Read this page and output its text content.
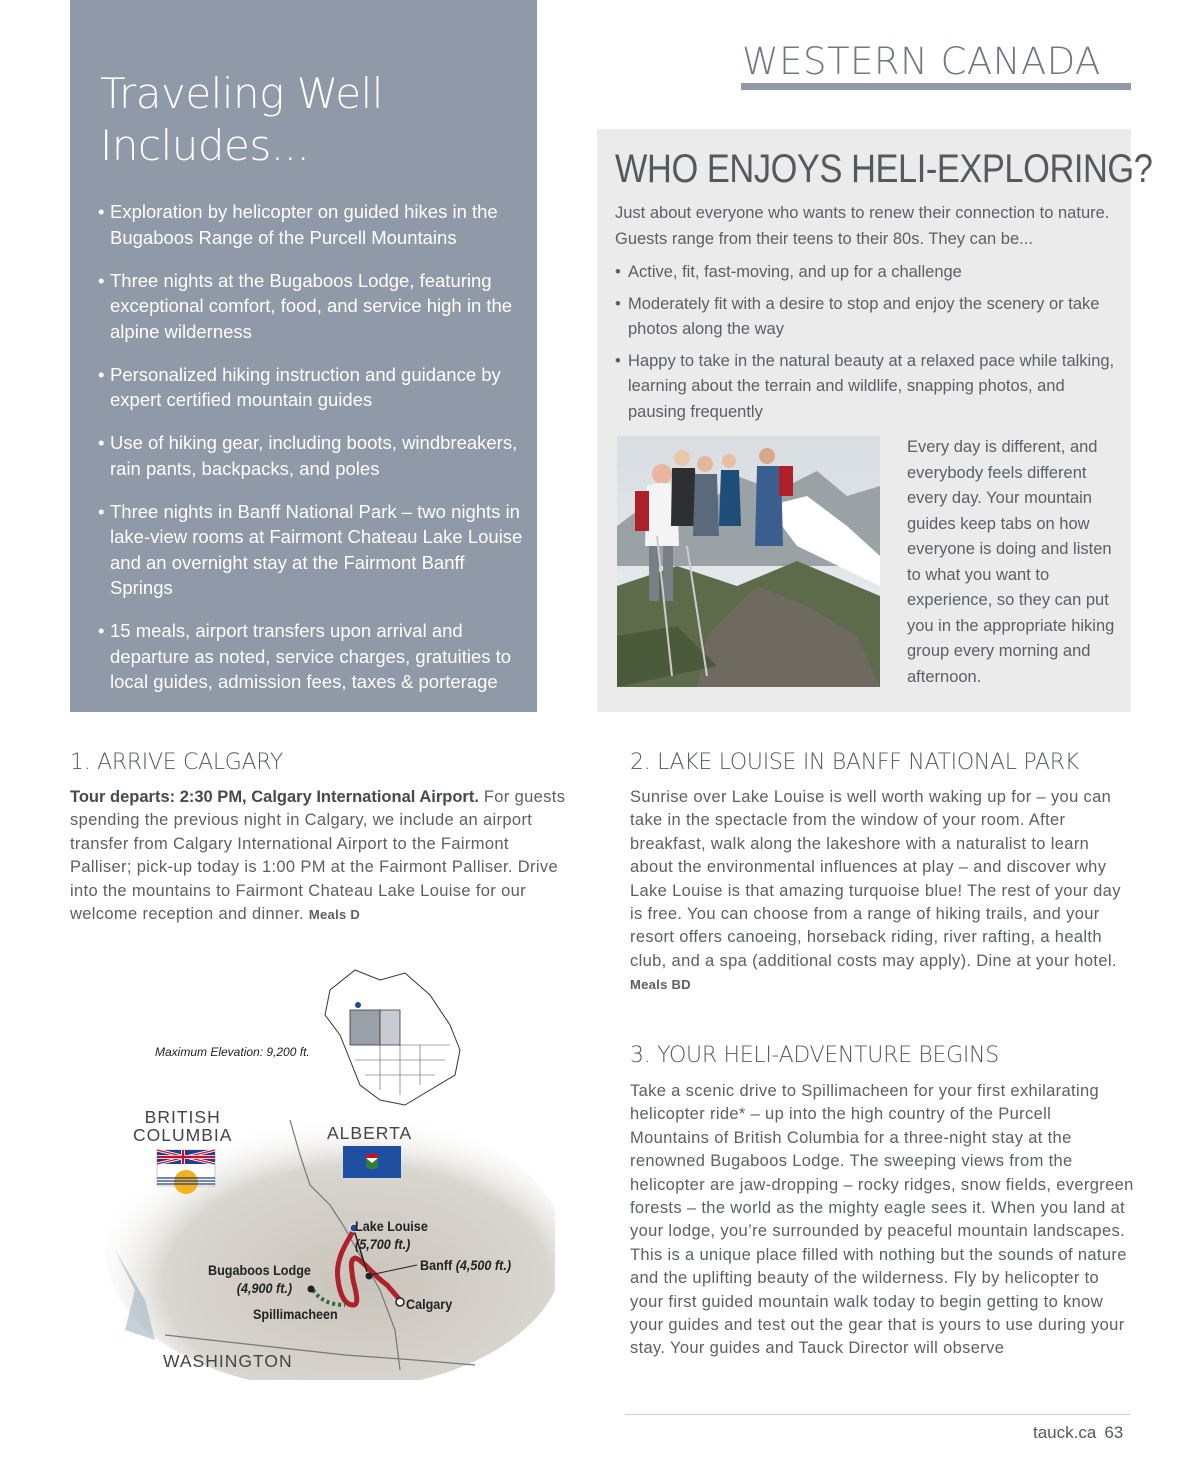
Traveling Well
Includes...
• Exploration by helicopter on guided hikes in the Bugaboos Range of the Purcell Mountains
• Three nights at the Bugaboos Lodge, featuring exceptional comfort, food, and service high in the alpine wilderness
• Personalized hiking instruction and guidance by expert certified mountain guides
• Use of hiking gear, including boots, windbreakers, rain pants, backpacks, and poles
• Three nights in Banff National Park – two nights in lake-view rooms at Fairmont Chateau Lake Louise and an overnight stay at the Fairmont Banff Springs
• 15 meals, airport transfers upon arrival and departure as noted, service charges, gratuities to local guides, admission fees, taxes & porterage
WESTERN CANADA
WHO ENJOYS HELI-EXPLORING?

Just about everyone who wants to renew their connection to nature. Guests range from their teens to their 80s. They can be...

• Active, fit, fast-moving, and up for a challenge
• Moderately fit with a desire to stop and enjoy the scenery or take photos along the way
• Happy to take in the natural beauty at a relaxed pace while talking, learning about the terrain and wildlife, snapping photos, and pausing frequently

Every day is different, and everybody feels different every day. Your mountain guides keep tabs on how everyone is doing and listen to what you want to experience, so they can put you in the appropriate hiking group every morning and afternoon.

1. ARRIVE CALGARY

Tour departs: 2:30 PM, Calgary International Airport. For guests spending the previous night in Calgary, we include an airport transfer from Calgary International Airport to the Fairmont Palliser; pick-up today is 1:00 PM at the Fairmont Palliser. Drive into the mountains to Fairmont Chateau Lake Louise for our welcome reception and dinner. Meals D

2. LAKE LOUISE IN BANFF NATIONAL PARK

Sunrise over Lake Louise is well worth waking up for – you can take in the spectacle from the window of your room. After breakfast, walk along the lakeshore with a naturalist to learn about the environmental influences at play – and discover why Lake Louise is that amazing turquoise blue! The rest of your day is free. You can choose from a range of hiking trails, and your resort offers canoeing, horseback riding, river rafting, a health club, and a spa (additional costs may apply). Dine at your hotel. Meals BD

3. YOUR HELI-ADVENTURE BEGINS

Take a scenic drive to Spillimacheen for your first exhilarating helicopter ride* – up into the high country of the Purcell Mountains of British Columbia for a three-night stay at the renowned Bugaboos Lodge. The sweeping views from the helicopter are jaw-dropping – rocky ridges, snow fields, evergreen forests – the world as the mighty eagle sees it. When you land at your lodge, you’re surrounded by peaceful mountain landscapes. This is a unique place filled with nothing but the sounds of nature and the uplifting beauty of the wilderness. Fly by helicopter to your first guided mountain walk today to begin getting to know your guides and test out the gear that is yours to use during your stay. Your guides and Tauck Director will observe

Maximum Elevation: 9,200 ft.
BRITISH
COLUMBIA	ALBERTA
WASHINGTON
Lake Louise
(5,700 ft.)
Bugaboos Lodge
(4,900 ft.)
Banff (4,500 ft.)
Calgary
Spillimacheen
tauck.ca 63
